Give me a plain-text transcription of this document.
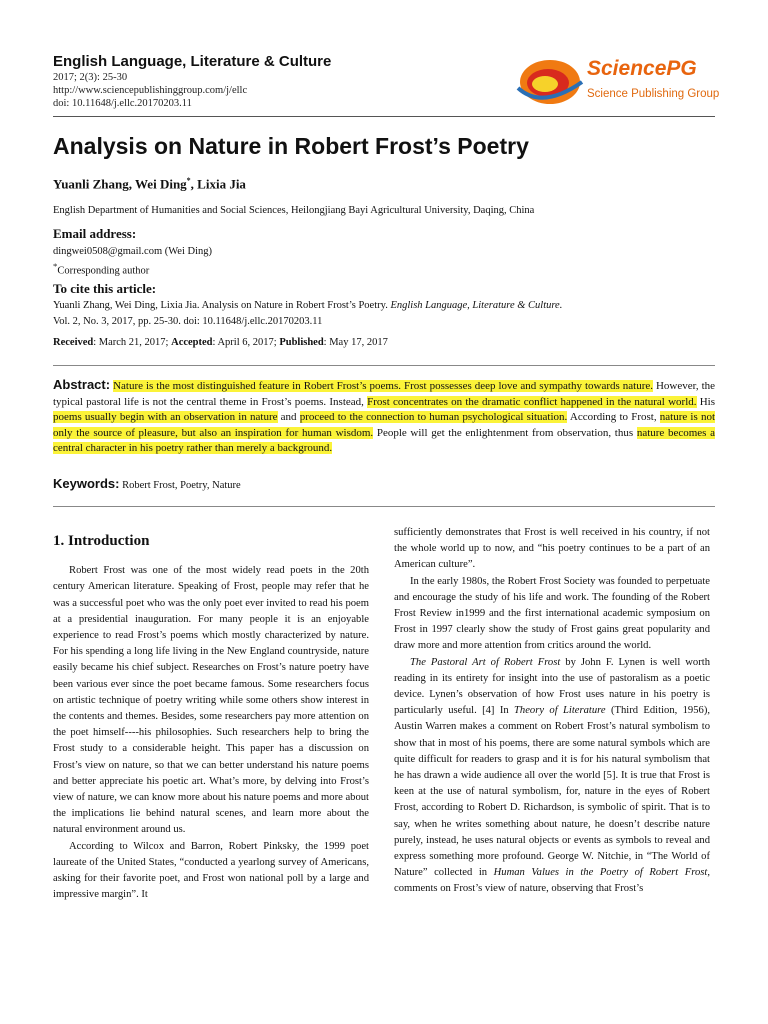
English Language, Literature & Culture
2017; 2(3): 25-30
http://www.sciencepublishinggroup.com/j/ellc
doi: 10.11648/j.ellc.20170203.11
SciencePG
Science Publishing Group
Analysis on Nature in Robert Frost’s Poetry
Yuanli Zhang, Wei Ding*, Lixia Jia
English Department of Humanities and Social Sciences, Heilongjiang Bayi Agricultural University, Daqing, China
Email address:
dingwei0508@gmail.com (Wei Ding)
*Corresponding author
To cite this article:
Yuanli Zhang, Wei Ding, Lixia Jia. Analysis on Nature in Robert Frost’s Poetry. English Language, Literature & Culture.
Vol. 2, No. 3, 2017, pp. 25-30. doi: 10.11648/j.ellc.20170203.11
Received: March 21, 2017; Accepted: April 6, 2017; Published: May 17, 2017
Abstract: Nature is the most distinguished feature in Robert Frost’s poems. Frost possesses deep love and sympathy towards nature. However, the typical pastoral life is not the central theme in Frost’s poems. Instead, Frost concentrates on the dramatic conflict happened in the natural world. His poems usually begin with an observation in nature and proceed to the connection to human psychological situation. According to Frost, nature is not only the source of pleasure, but also an inspiration for human wisdom. People will get the enlightenment from observation, thus nature becomes a central character in his poetry rather than merely a background.
Keywords: Robert Frost, Poetry, Nature
1. Introduction

Robert Frost was one of the most widely read poets in the 20th century American literature. Speaking of Frost, people may refer that he was a successful poet who was the only poet ever invited to read his poem at a presidential inauguration. For many people it is an enjoyable experience to read Frost’s poems which mostly characterized by nature. For his spending a long life living in the New England countryside, nature easily became his chief subject. Researches on Frost’s nature poetry have been various ever since the poet became famous. Some researchers focus on artistic technique of poetry writing while some others show interest in the contents and themes. Besides, some researchers pay more attention on the poet himself----his philosophies. Such researchers help to bring the Frost study to a considerable height. This paper has a discussion on Frost’s view on nature, so that we can better understand his nature poems and better appreciate his poetic art. What’s more, by delving into Frost’s view of nature, we can know more about his nature poems and more about the implications lie behind natural scenes, and learn more about the natural environment around us.

According to Wilcox and Barron, Robert Pinksky, the 1999 poet laureate of the United States, “conducted a yearlong survey of Americans, asking for their favorite poet, and Frost won national poll by a large and impressive margin”. It

sufficiently demonstrates that Frost is well received in his country, if not the whole world up to now, and “his poetry continues to be a part of an American culture”.

In the early 1980s, the Robert Frost Society was founded to perpetuate and encourage the study of his life and work. The founding of the Robert Frost Review in1999 and the first international academic symposium on Frost in 1997 clearly show the study of Frost gains great popularity and draw more and more attention from critics around the world.

The Pastoral Art of Robert Frost by John F. Lynen is well worth reading in its entirety for insight into the use of pastoralism as a poetic device. Lynen’s observation of how Frost uses nature in his poetry is particularly useful. [4] In Theory of Literature (Third Edition, 1956), Austin Warren makes a comment on Robert Frost’s natural symbolism to show that in most of his poems, there are some natural symbols which are quite difficult for readers to grasp and it is for his natural symbolism that he has drawn a wide audience all over the world [5]. It is true that Frost is keen at the use of natural symbolism, for, nature in the eyes of Robert Frost, according to Robert D. Richardson, is symbolic of spirit. That is to say, when he writes something about nature, he doesn’t describe nature purely, instead, he uses natural objects or events as symbols to reveal and express something more profound. George W. Nitchie, in “The World of Nature” collected in Human Values in the Poetry of Robert Frost, comments on Frost’s view of nature, observing that Frost’s
